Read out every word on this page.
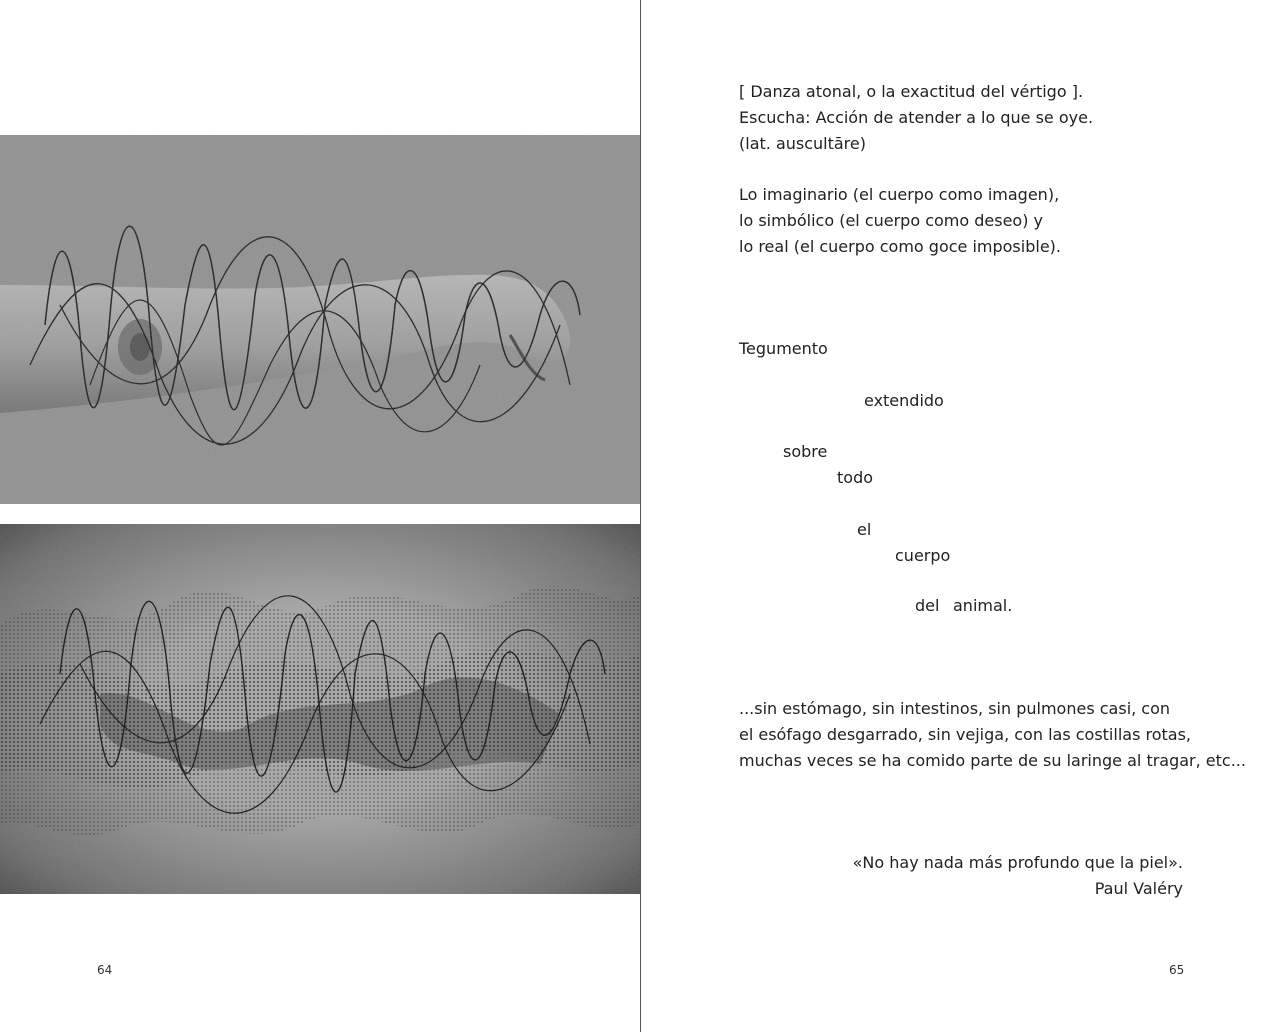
64
[ Danza atonal, o la exactitud del vértigo ].
Escucha: Acción de atender a lo que se oye.
(lat. auscultāre)
Lo imaginario (el cuerpo como imagen),
lo simbólico (el cuerpo como deseo) y
lo real (el cuerpo como goce imposible).
Tegumento
extendido
sobre
todo
el
cuerpo
del animal.
...sin estómago, sin intestinos, sin pulmones casi, con
el esófago desgarrado, sin vejiga, con las costillas rotas,
muchas veces se ha comido parte de su laringe al tragar, etc...
«No hay nada más profundo que la piel».
Paul Valéry
65
